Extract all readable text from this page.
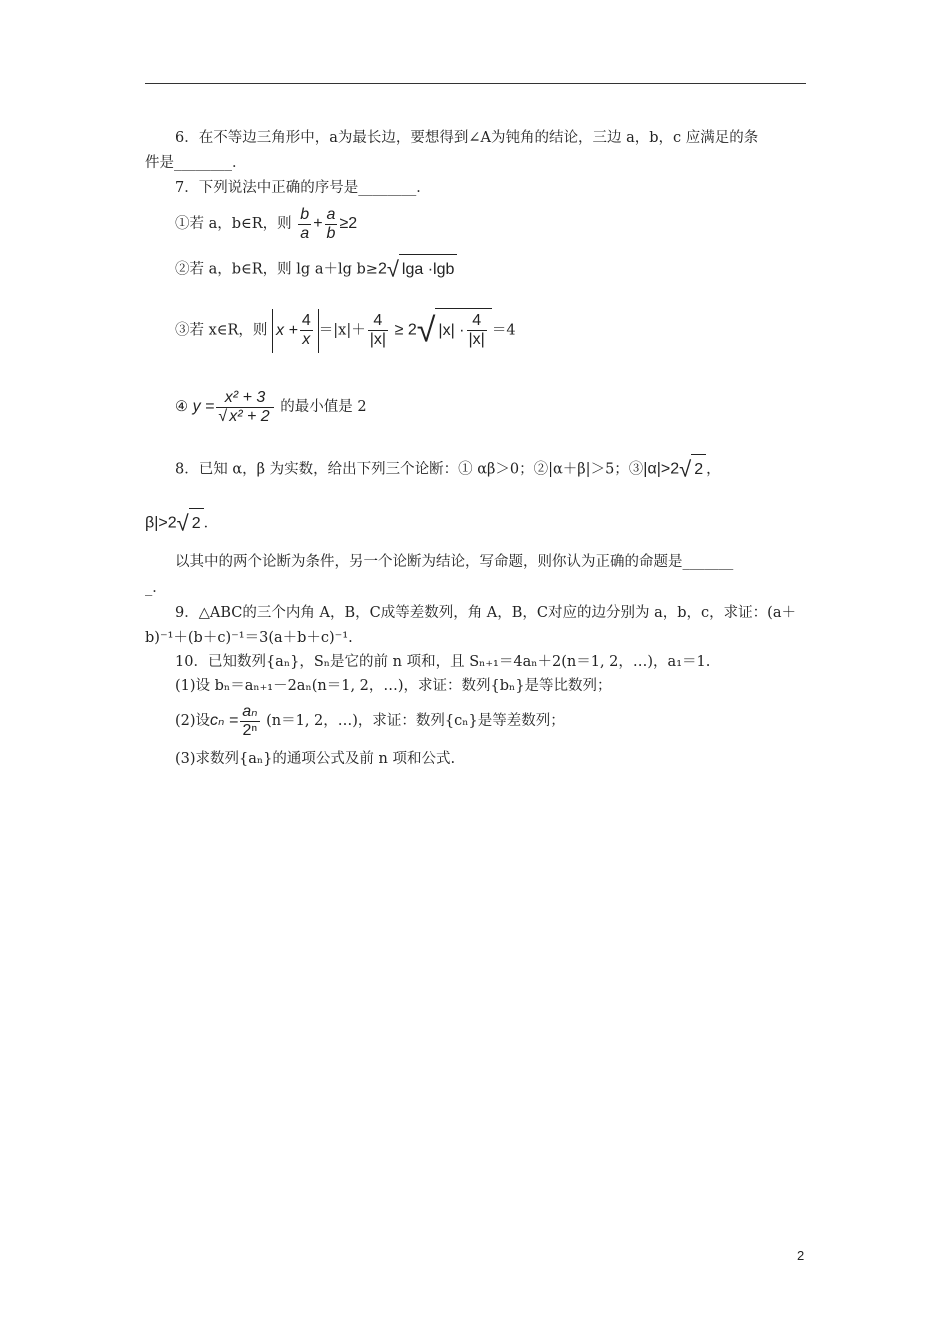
6．在不等边三角形中，a为最长边，要想得到∠A为钝角的结论，三边 a，b，c 应满足的条
件是________．
7．下列说法中正确的序号是________．
①若 a，b∈R，则 $\frac{b}{a} + \frac{a}{b} \ge 2$
②若 a，b∈R，则 lg a＋lg b≥2√ lga ·lgb
③若 x∈R，则 $x + \frac{4}{x} =|x|+ \frac{4}{|x|} \ge 2√$ $|x| \cdot \frac{4}{|x|} =4$
④ $y = \frac{\text{x² + 3}}{\text{√ x² + 2}}$ 的最小值是 2
8．已知 α，β 为实数，给出下列三个论断：① αβ＞0；②|α＋β|＞5；③|α|>2√ 2 ，
β|>2√ 2 ．
以其中的两个论断为条件，另一个论断为结论，写命题，则你认为正确的命题是_______
_．
9．△ABC的三个内角 A，B，C成等差数列，角 A，B，C对应的边分别为 a，b，c，求证：(a＋
b)⁻¹＋(b＋c)⁻¹＝3(a＋b＋c)⁻¹.
10．已知数列{aₙ}，Sₙ是它的前 n 项和，且 Sₙ₊₁＝4aₙ＋2(n＝1, 2，…)，a₁＝1.
(1)设 bₙ＝aₙ₊₁－2aₙ(n＝1, 2，…)，求证：数列{bₙ}是等比数列；
(2)设$c_n = \frac{\text{aₙ}}{\text{2ⁿ}} (n=1$, 2，…)，求证：数列{cₙ}是等差数列；
(3)求数列{aₙ}的通项公式及前 n 项和公式.
2
